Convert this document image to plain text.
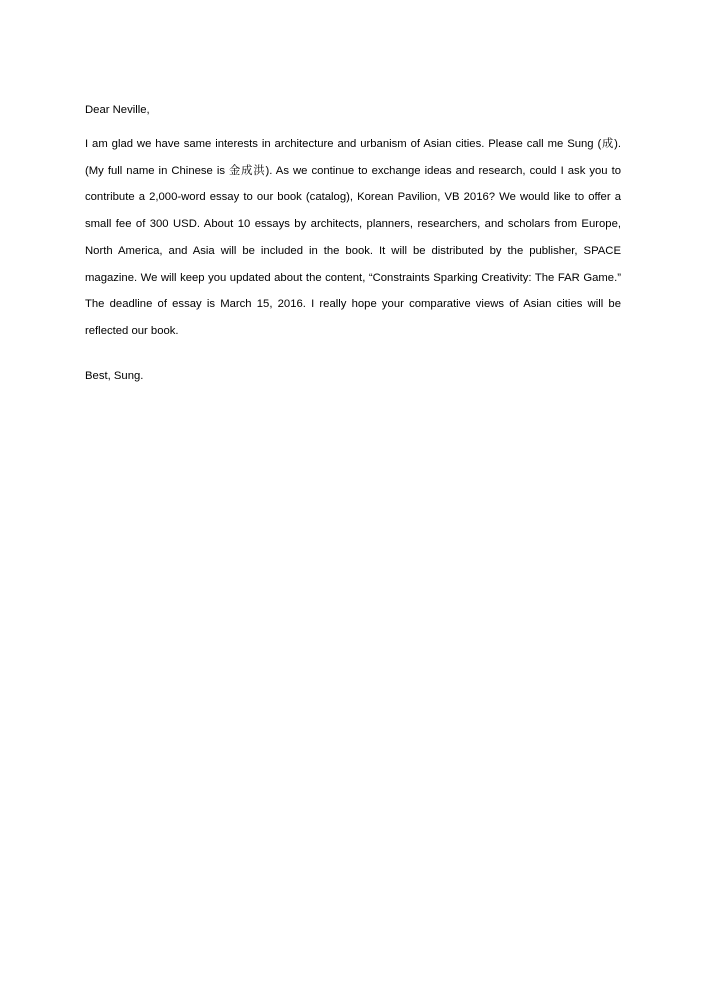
Dear Neville,

I am glad we have same interests in architecture and urbanism of Asian cities. Please call me Sung (成). (My full name in Chinese is 金成洪). As we continue to exchange ideas and research, could I ask you to contribute a 2,000-word essay to our book (catalog), Korean Pavilion, VB 2016? We would like to offer a small fee of 300 USD. About 10 essays by architects, planners, researchers, and scholars from Europe, North America, and Asia will be included in the book. It will be distributed by the publisher, SPACE magazine. We will keep you updated about the content, “Constraints Sparking Creativity: The FAR Game.” The deadline of essay is March 15, 2016. I really hope your comparative views of Asian cities will be reflected our book.

Best, Sung.
